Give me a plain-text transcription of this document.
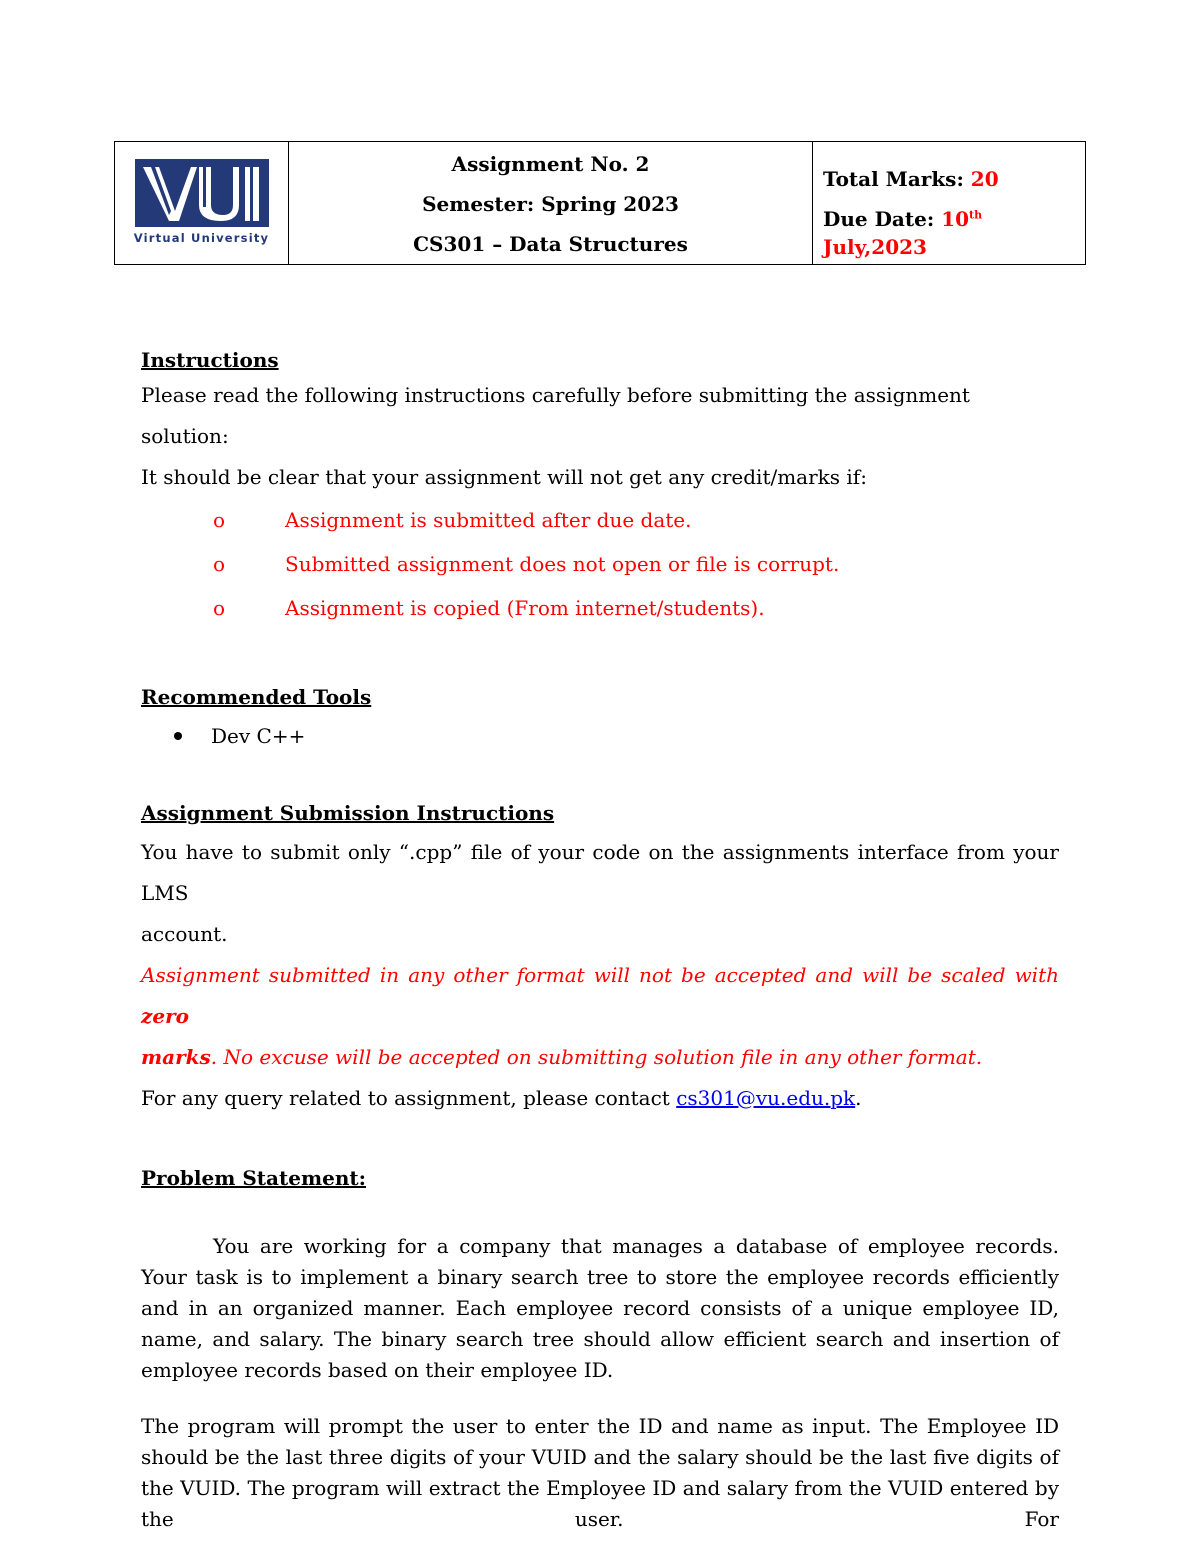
Virtual University
Assignment No. 2
Semester: Spring 2023
CS301 – Data Structures
Total Marks: 20
Due Date: 10th July,2023

Instructions

Please read the following instructions carefully before submitting the assignment solution:

It should be clear that your assignment will not get any credit/marks if:

o	Assignment is submitted after due date.
o	Submitted assignment does not open or file is corrupt.
o	Assignment is copied (From internet/students).

Recommended Tools

Dev C++

Assignment Submission Instructions

You have to submit only “.cpp” file of your code on the assignments interface from your LMS

account.

Assignment submitted in any other format will not be accepted and will be scaled with zero

marks. No excuse will be accepted on submitting solution file in any other format.

For any query related to assignment, please contact cs301@vu.edu.pk.

Problem Statement:

You are working for a company that manages a database of employee records. Your task is to implement a binary search tree to store the employee records efficiently and in an organized manner. Each employee record consists of a unique employee ID, name, and salary. The binary search tree should allow efficient search and insertion of employee records based on their employee ID.

The program will prompt the user to enter the ID and name as input. The Employee ID should be the last three digits of your VUID and the salary should be the last five digits of the VUID. The program will extract the Employee ID and salary from the VUID entered by the user. For
